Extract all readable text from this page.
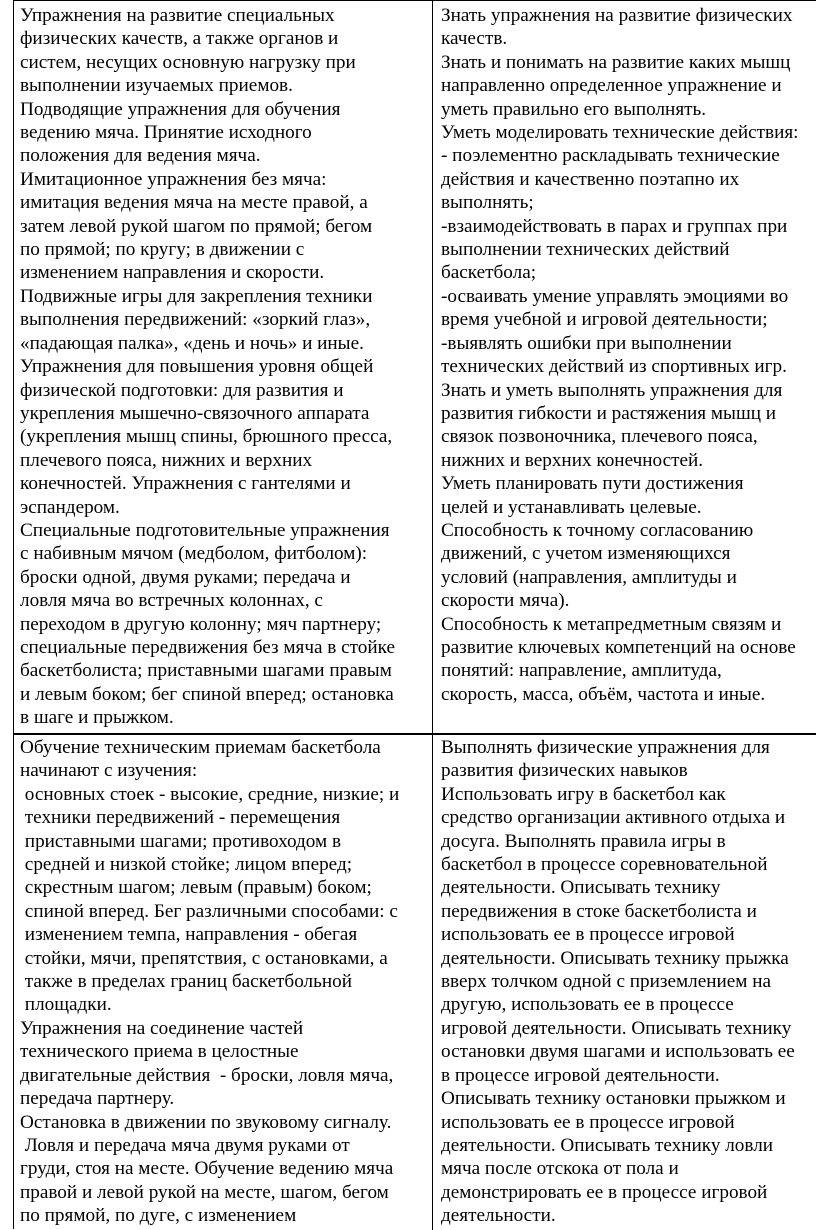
Упражнения на развитие специальных
физических качеств, а также органов и
систем, несущих основную нагрузку при
выполнении изучаемых приемов.
Подводящие упражнения для обучения
ведению мяча. Принятие исходного
положения для ведения мяча.
Имитационное упражнения без мяча:
имитация ведения мяча на месте правой, а
затем левой рукой шагом по прямой; бегом
по прямой; по кругу; в движении с
изменением направления и скорости.
Подвижные игры для закрепления техники
выполнения передвижений: «зоркий глаз»,
«падающая палка», «день и ночь» и иные.
Упражнения для повышения уровня общей
физической подготовки: для развития и
укрепления мышечно-связочного аппарата
(укрепления мышц спины, брюшного пресса,
плечевого пояса, нижних и верхних
конечностей. Упражнения с гантелями и
эспандером.
Специальные подготовительные упражнения
с набивным мячом (медболом, фитболом):
броски одной, двумя руками; передача и
ловля мяча во встречных колоннах, с
переходом в другую колонну; мяч партнеру;
специальные передвижения без мяча в стойке
баскетболиста; приставными шагами правым
и левым боком; бег спиной вперед; остановка
в шаге и прыжком.
Знать упражнения на развитие физических
качеств.
Знать и понимать на развитие каких мышц
направленно определенное упражнение и
уметь правильно его выполнять.
Уметь моделировать технические действия:
- поэлементно раскладывать технические
действия и качественно поэтапно их
выполнять;
-взаимодействовать в парах и группах при
выполнении технических действий
баскетбола;
-осваивать умение управлять эмоциями во
время учебной и игровой деятельности;
-выявлять ошибки при выполнении
технических действий из спортивных игр.
Знать и уметь выполнять упражнения для
развития гибкости и растяжения мышц и
связок позвоночника, плечевого пояса,
нижних и верхних конечностей.
Уметь планировать пути достижения
целей и устанавливать целевые.
Способность к точному согласованию
движений, с учетом изменяющихся
условий (направления, амплитуды и
скорости мяча).
Способность к метапредметным связям и
развитие ключевых компетенций на основе
понятий: направление, амплитуда,
скорость, масса, объём, частота и иные.
Обучение техническим приемам баскетбола
начинают с изучения:
основных стоек - высокие, средние, низкие; и
техники передвижений - перемещения
приставными шагами; противоходом в
средней и низкой стойке; лицом вперед;
скрестным шагом; левым (правым) боком;
спиной вперед. Бег различными способами: с
изменением темпа, направления - обегая
стойки, мячи, препятствия, с остановками, а
также в пределах границ баскетбольной
площадки.
Упражнения на соединение частей
технического приема в целостные
двигательные действия  - броски, ловля мяча,
передача партнеру.
Остановка в движении по звуковому сигналу.
Ловля и передача мяча двумя руками от
груди, стоя на месте. Обучение ведению мяча
правой и левой рукой на месте, шагом, бегом
по прямой, по дуге, с изменением
Выполнять физические упражнения для
развития физических навыков
Использовать игру в баскетбол как
средство организации активного отдыха и
досуга. Выполнять правила игры в
баскетбол в процессе соревновательной
деятельности. Описывать технику
передвижения в стоке баскетболиста и
использовать ее в процессе игровой
деятельности. Описывать технику прыжка
вверх толчком одной с приземлением на
другую, использовать ее в процессе
игровой деятельности. Описывать технику
остановки двумя шагами и использовать ее
в процессе игровой деятельности.
Описывать технику остановки прыжком и
использовать ее в процессе игровой
деятельности. Описывать технику ловли
мяча после отскока от пола и
демонстрировать ее в процессе игровой
деятельности.
